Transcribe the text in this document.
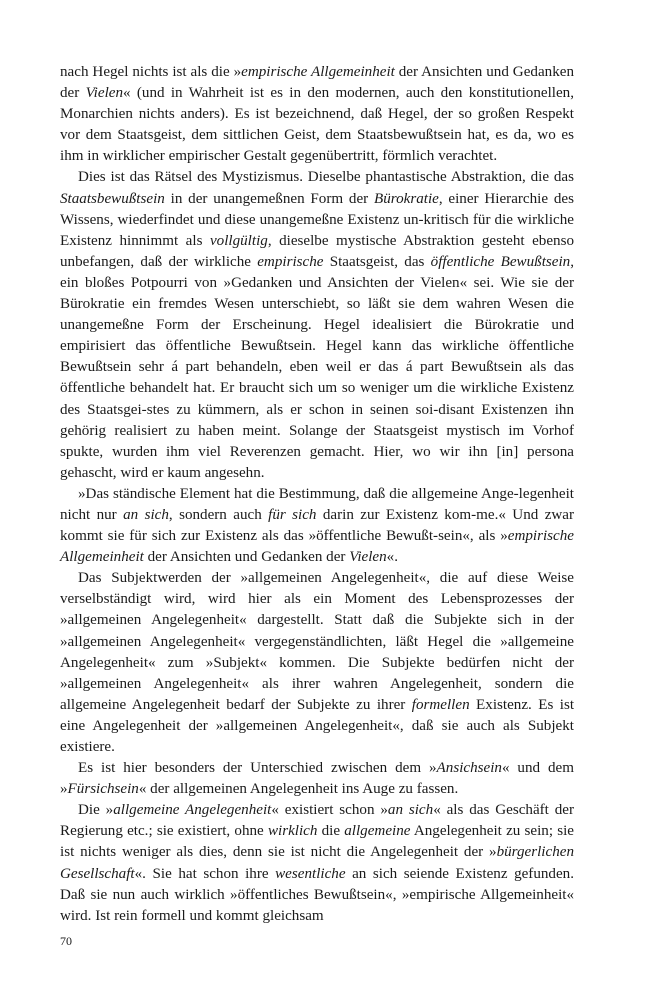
nach Hegel nichts ist als die »empirische Allgemeinheit der Ansichten und Gedanken der Vielen« (und in Wahrheit ist es in den modernen, auch den konstitutionellen, Monarchien nichts anders). Es ist bezeichnend, daß Hegel, der so großen Respekt vor dem Staatsgeist, dem sittlichen Geist, dem Staatsbewußtsein hat, es da, wo es ihm in wirklicher empirischer Gestalt gegenübertritt, förmlich verachtet.

Dies ist das Rätsel des Mystizismus. Dieselbe phantastische Abstraktion, die das Staatsbewußtsein in der unangemeßnen Form der Bürokratie, einer Hierarchie des Wissens, wiederfindet und diese unangemeßne Existenz un-kritisch für die wirkliche Existenz hinnimmt als vollgültig, dieselbe mystische Abstraktion gesteht ebenso unbefangen, daß der wirkliche empirische Staatsgeist, das öffentliche Bewußtsein, ein bloßes Potpourri von »Gedanken und Ansichten der Vielen« sei. Wie sie der Bürokratie ein fremdes Wesen unterschiebt, so läßt sie dem wahren Wesen die unangemeßne Form der Erscheinung. Hegel idealisiert die Bürokratie und empirisiert das öffentliche Bewußtsein. Hegel kann das wirkliche öffentliche Bewußtsein sehr á part behandeln, eben weil er das á part Bewußtsein als das öffentliche behandelt hat. Er braucht sich um so weniger um die wirkliche Existenz des Staatsgei-stes zu kümmern, als er schon in seinen soi-disant Existenzen ihn gehörig realisiert zu haben meint. Solange der Staatsgeist mystisch im Vorhof spukte, wurden ihm viel Reverenzen gemacht. Hier, wo wir ihn [in] persona gehascht, wird er kaum angesehn.

»Das ständische Element hat die Bestimmung, daß die allgemeine Ange-legenheit nicht nur an sich, sondern auch für sich darin zur Existenz kom-me.« Und zwar kommt sie für sich zur Existenz als das »öffentliche Bewußt-sein«, als »empirische Allgemeinheit der Ansichten und Gedanken der Vielen«.

Das Subjektwerden der »allgemeinen Angelegenheit«, die auf diese Weise verselbständigt wird, wird hier als ein Moment des Lebensprozesses der »allgemeinen Angelegenheit« dargestellt. Statt daß die Subjekte sich in der »allgemeinen Angelegenheit« vergegenständlichten, läßt Hegel die »allgemeine Angelegenheit« zum »Subjekt« kommen. Die Subjekte bedürfen nicht der »allgemeinen Angelegenheit« als ihrer wahren Angelegenheit, sondern die allgemeine Angelegenheit bedarf der Subjekte zu ihrer formellen Existenz. Es ist eine Angelegenheit der »allgemeinen Angelegenheit«, daß sie auch als Subjekt existiere.

Es ist hier besonders der Unterschied zwischen dem »Ansichsein« und dem »Fürsichsein« der allgemeinen Angelegenheit ins Auge zu fassen.

Die »allgemeine Angelegenheit« existiert schon »an sich« als das Geschäft der Regierung etc.; sie existiert, ohne wirklich die allgemeine Angelegenheit zu sein; sie ist nichts weniger als dies, denn sie ist nicht die Angelegenheit der »bürgerlichen Gesellschaft«. Sie hat schon ihre wesentliche an sich seiende Existenz gefunden. Daß sie nun auch wirklich »öffentliches Bewußtsein«, »empirische Allgemeinheit« wird. Ist rein formell und kommt gleichsam

70
